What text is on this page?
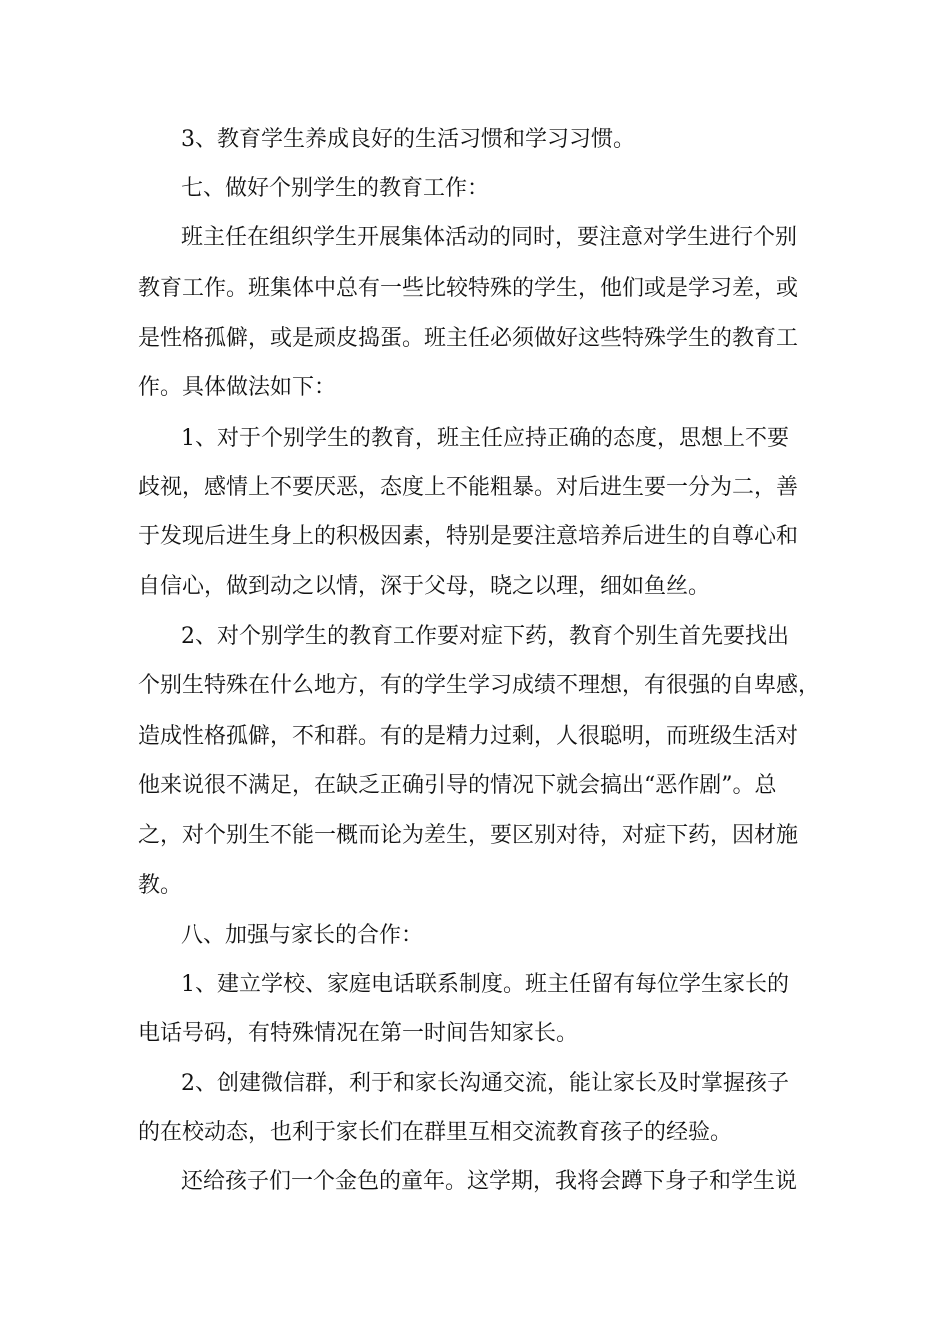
3、教育学生养成良好的生活习惯和学习习惯。
七、做好个别学生的教育工作：
班主任在组织学生开展集体活动的同时，要注意对学生进行个别
教育工作。班集体中总有一些比较特殊的学生，他们或是学习差，或
是性格孤僻，或是顽皮捣蛋。班主任必须做好这些特殊学生的教育工
作。具体做法如下：
1、对于个别学生的教育，班主任应持正确的态度，思想上不要
歧视，感情上不要厌恶，态度上不能粗暴。对后进生要一分为二，善
于发现后进生身上的积极因素，特别是要注意培养后进生的自尊心和
自信心，做到动之以情，深于父母，晓之以理，细如鱼丝。
2、对个别学生的教育工作要对症下药，教育个别生首先要找出
个别生特殊在什么地方，有的学生学习成绩不理想，有很强的自卑感，
造成性格孤僻，不和群。有的是精力过剩，人很聪明，而班级生活对
他来说很不满足，在缺乏正确引导的情况下就会搞出“恶作剧”。总
之，对个别生不能一概而论为差生，要区别对待，对症下药，因材施
教。
八、加强与家长的合作：
1、建立学校、家庭电话联系制度。班主任留有每位学生家长的
电话号码，有特殊情况在第一时间告知家长。
2、创建微信群，利于和家长沟通交流，能让家长及时掌握孩子
的在校动态，也利于家长们在群里互相交流教育孩子的经验。
还给孩子们一个金色的童年。这学期，我将会蹲下身子和学生说
